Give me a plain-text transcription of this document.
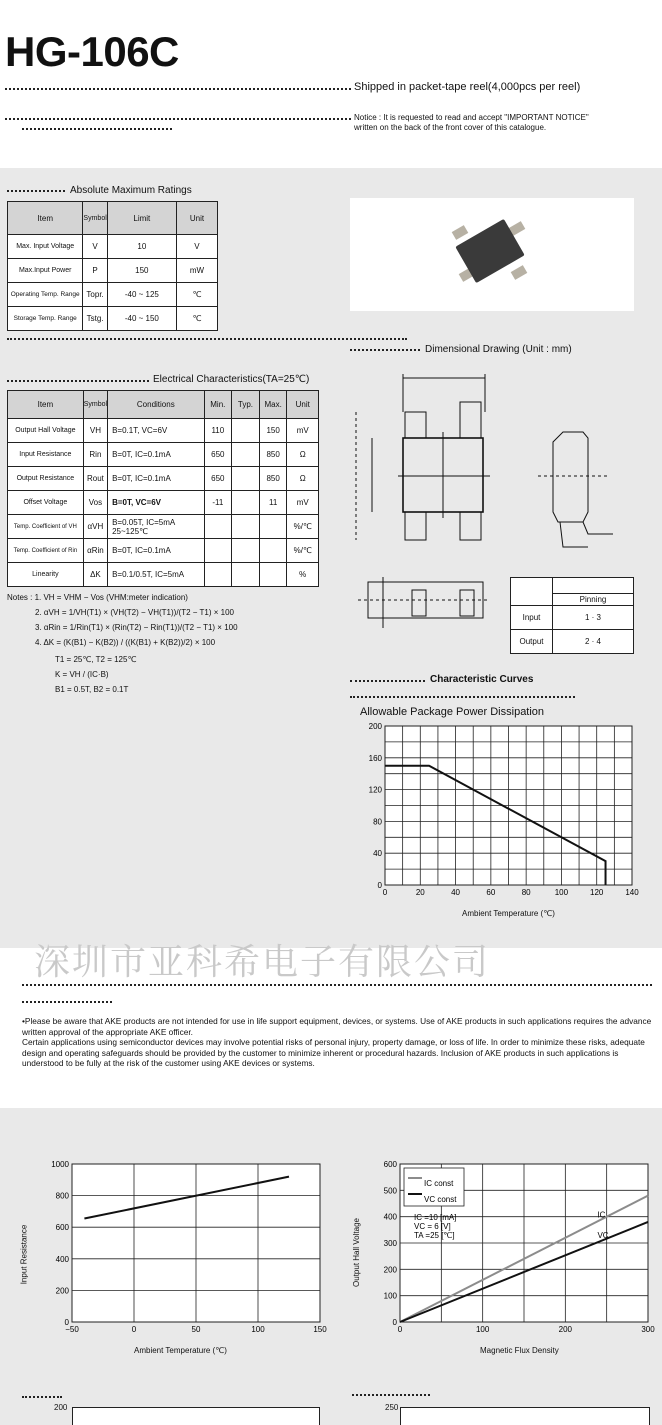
HG-106C
Shipped in packet-tape reel(4,000pcs per reel)
Notice : It is requested to read and accept "IMPORTANT NOTICE"
written on the back of the front cover of this catalogue.
Absolute Maximum Ratings
Item	Symbol	Limit	Unit
Max. Input Voltage	V	10	V
Max.Input Power	P	150	mW
Operating Temp. Range	Topr.	-40 ~ 125	℃
Storage Temp. Range	Tstg.	-40 ~ 150	℃
Dimensional Drawing (Unit : mm)
Electrical Characteristics(TA=25℃)
Item	Symbol	Conditions	Min.	Typ.	Max.	Unit
Output Hall Voltage	VH	B=0.1T, VC=6V	110		150	mV
Input Resistance	Rin	B=0T, IC=0.1mA	650		850	Ω
Output Resistance	Rout	B=0T, IC=0.1mA	650		850	Ω
Offset Voltage	Vos	B=0T, VC=6V	-11		11	mV
Temp. Coefficient of VH	αVH	B=0.05T, IC=5mA 25~125℃				%/℃
Temp. Coefficient of Rin	αRin	B=0T, IC=0.1mA				%/℃
Linearity	ΔK	B=0.1/0.5T, IC=5mA				%
Notes : 1. VH = VHM − Vos (VHM:meter indication)
2. αVH = 1/VH(T1) × (VH(T2) − VH(T1))/(T2 − T1) × 100
3. αRin = 1/Rin(T1) × (Rin(T2) − Rin(T1))/(T2 − T1) × 100
4. ΔK = (K(B1) − K(B2)) / ((K(B1) + K(B2))/2) × 100
T1 = 25℃, T2 = 125℃
K = VH / (IC·B)
B1 = 0.5T, B2 = 0.1T

	Pinning
Input	1 · 3
Output	2 · 4
Characteristic Curves
Allowable Package Power Dissipation
0	20	40	60	80	100	120	140
0
40
80
120
160
200
Ambient Temperature (℃)
深圳市亚科希电子有限公司
•Please be aware that AKE products are not intended for use in life support equipment, devices, or systems. Use of AKE products in such applications requires the advance written approval of the appropriate AKE officer.
Certain applications using semiconductor devices may involve potential risks of personal injury, property damage, or loss of life. In order to minimize these risks, adequate design and operating safeguards should be provided by the customer to minimize inherent or procedural hazards. Inclusion of AKE products in such applications is understood to be fully at the risk of the customer using AKE devices or systems.
−50	0	50	100	150
0
200
400
600
800
1000
Ambient Temperature (℃)
Input Resistance
0	100	200	300
0
100
200
300
400
500
600
IC
VC
IC const
VC const
IC =10 [mA]
VC = 6 [V]
TA =25 [℃]
Magnetic Flux Density
Output Hall Voltage
200	250
